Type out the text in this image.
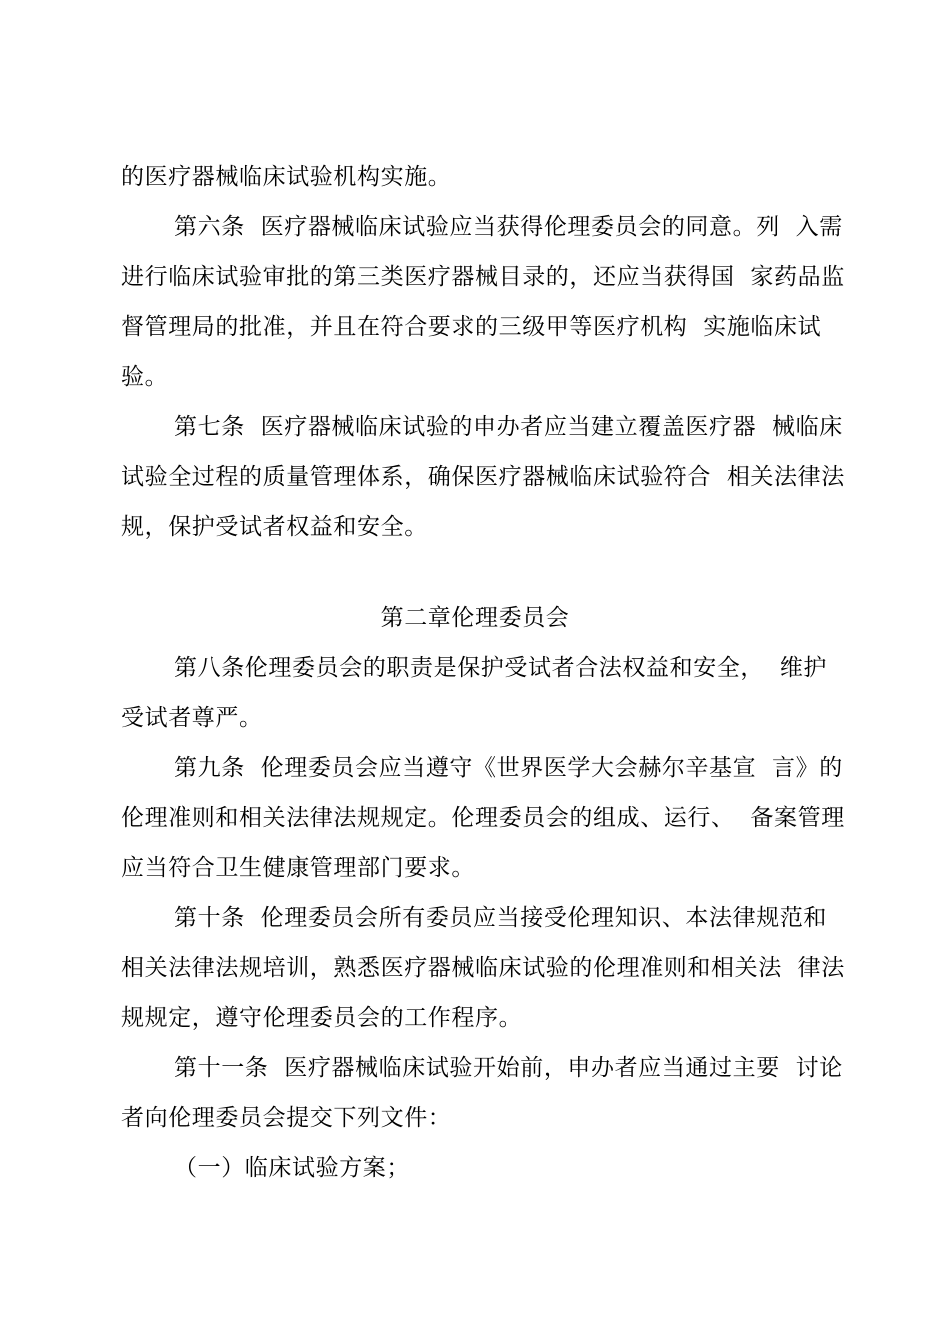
的医疗器械临床试验机构实施。
第六条  医疗器械临床试验应当获得伦理委员会的同意。列  入需
进行临床试验审批的第三类医疗器械目录的，还应当获得国  家药品监
督管理局的批准，并且在符合要求的三级甲等医疗机构  实施临床试
验。
第七条  医疗器械临床试验的申办者应当建立覆盖医疗器  械临床
试验全过程的质量管理体系，确保医疗器械临床试验符合  相关法律法
规，保护受试者权益和安全。
第二章伦理委员会
第八条伦理委员会的职责是保护受试者合法权益和安全，  维护
受试者尊严。
第九条  伦理委员会应当遵守《世界医学大会赫尔辛基宣  言》的
伦理准则和相关法律法规规定。伦理委员会的组成、运行、  备案管理
应当符合卫生健康管理部门要求。
第十条  伦理委员会所有委员应当接受伦理知识、本法律规范和
相关法律法规培训，熟悉医疗器械临床试验的伦理准则和相关法  律法
规规定，遵守伦理委员会的工作程序。
第十一条  医疗器械临床试验开始前，申办者应当通过主要  讨论
者向伦理委员会提交下列文件：
（一）临床试验方案；
